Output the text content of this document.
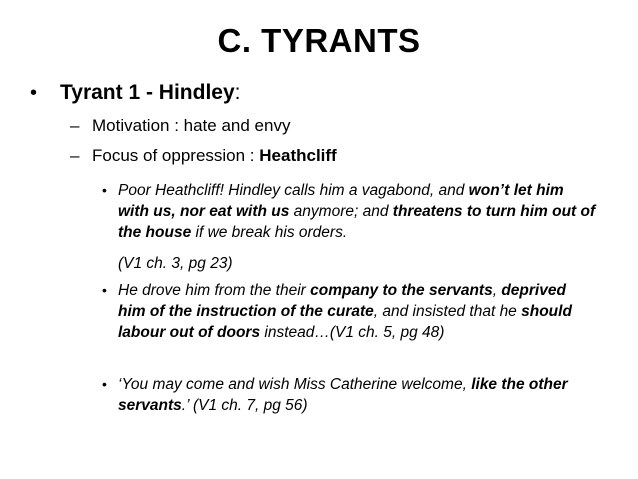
C. TYRANTS
• Tyrant 1 - Hindley:
– Motivation : hate and envy
– Focus of oppression : Heathcliff
• Poor Heathcliff! Hindley calls him a vagabond, and won’t let him with us, nor eat with us anymore; and threatens to turn him out of the house if we break his orders.
(V1 ch. 3, pg 23)
• He drove him from the their company to the servants, deprived him of the instruction of the curate, and insisted that he should labour out of doors instead…(V1 ch. 5, pg 48)
• ‘You may come and wish Miss Catherine welcome, like the other servants.’ (V1 ch. 7, pg 56)
